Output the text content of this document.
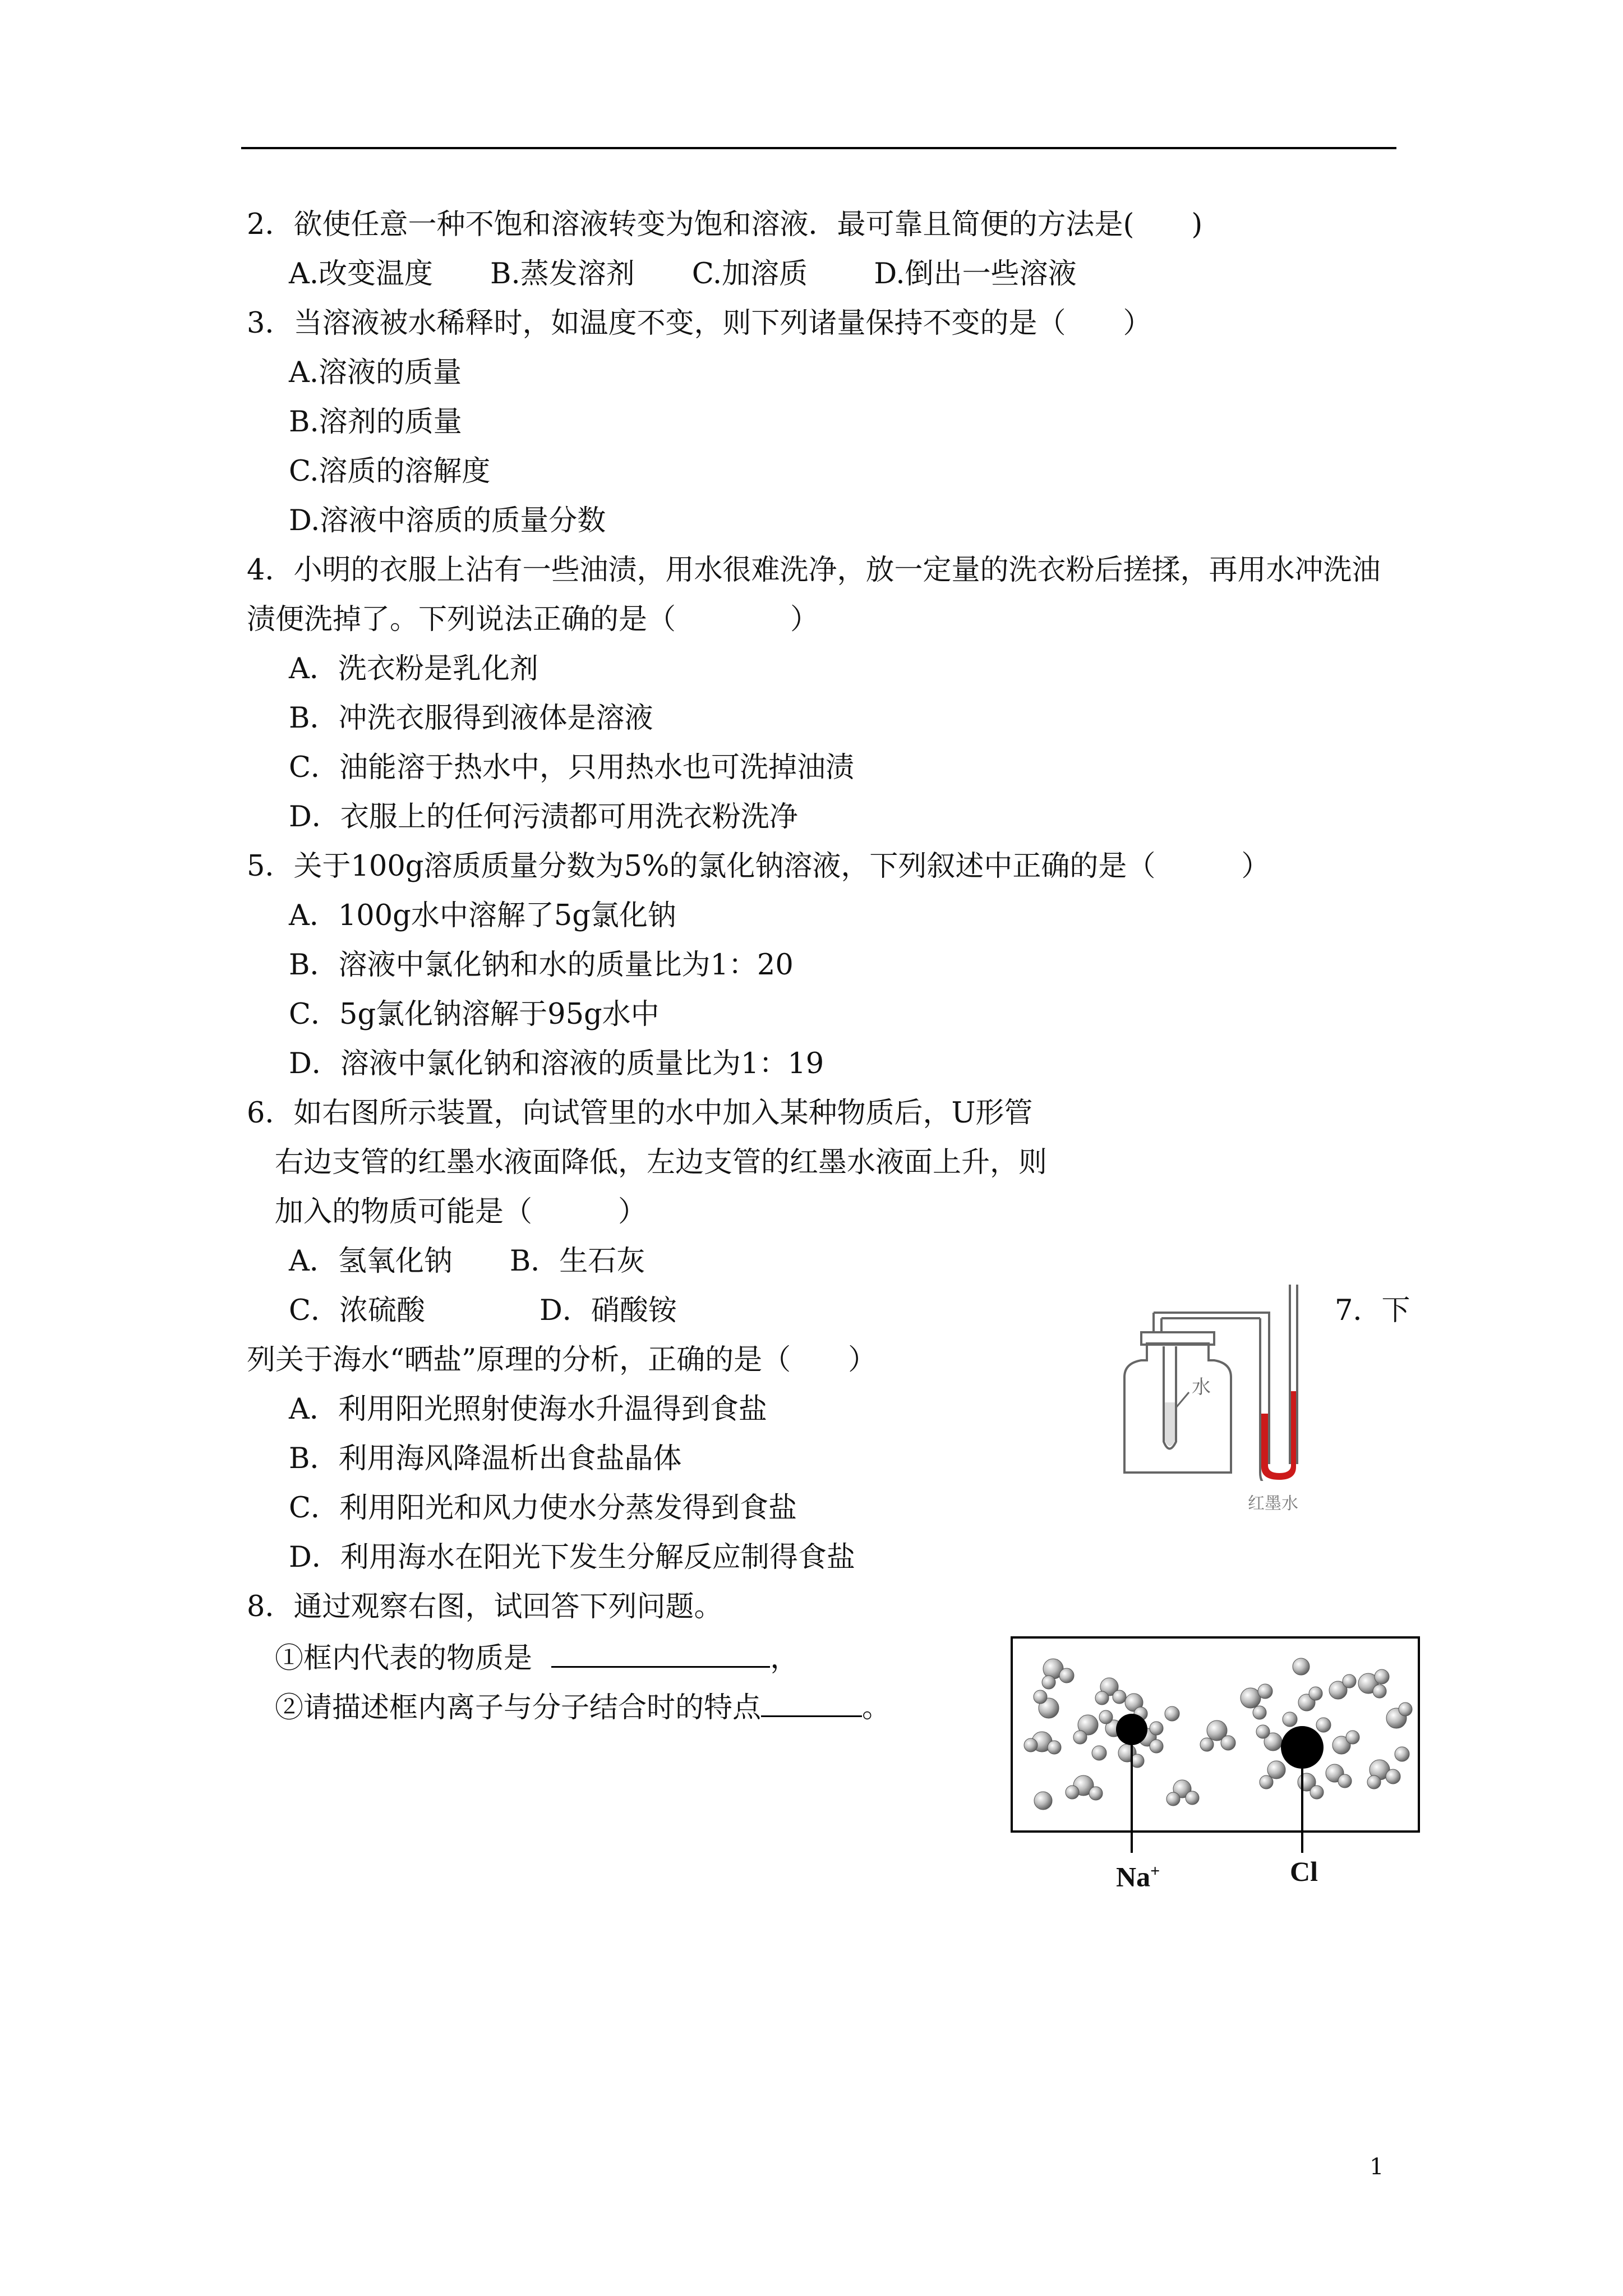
2．欲使任意一种不饱和溶液转变为饱和溶液．最可靠且简便的方法是(　　)
A.改变温度　　B.蒸发溶剂　　C.加溶质　　 D.倒出一些溶液
3．当溶液被水稀释时，如温度不变，则下列诸量保持不变的是（　　）
A.溶液的质量
B.溶剂的质量
C.溶质的溶解度
D.溶液中溶质的质量分数
4．小明的衣服上沾有一些油渍，用水很难洗净，放一定量的洗衣粉后搓揉，再用水冲洗油
渍便洗掉了。下列说法正确的是（　　　　）
A．洗衣粉是乳化剂
B．冲洗衣服得到液体是溶液
C．油能溶于热水中，只用热水也可洗掉油渍
D．衣服上的任何污渍都可用洗衣粉洗净
5．关于100g溶质质量分数为5%的氯化钠溶液，下列叙述中正确的是（　　　）
A．100g水中溶解了5g氯化钠
B．溶液中氯化钠和水的质量比为1：20
C．5g氯化钠溶解于95g水中
D．溶液中氯化钠和溶液的质量比为1：19
6．如右图所示装置，向试管里的水中加入某种物质后，U形管
右边支管的红墨水液面降低，左边支管的红墨水液面上升，则
加入的物质可能是（　　　）
A．氢氧化钠　　B．生石灰
C．浓硫酸　　　　D．硝酸铵
水
红墨水
7．下
列关于海水“晒盐”原理的分析，正确的是（　　）
A．利用阳光照射使海水升温得到食盐
B．利用海风降温析出食盐晶体
C．利用阳光和风力使水分蒸发得到食盐
D．利用海水在阳光下发生分解反应制得食盐
8．通过观察右图，试回答下列问题。
①框内代表的物质是	，
②请描述框内离子与分子结合时的特点	。
Na+	Cl
1
